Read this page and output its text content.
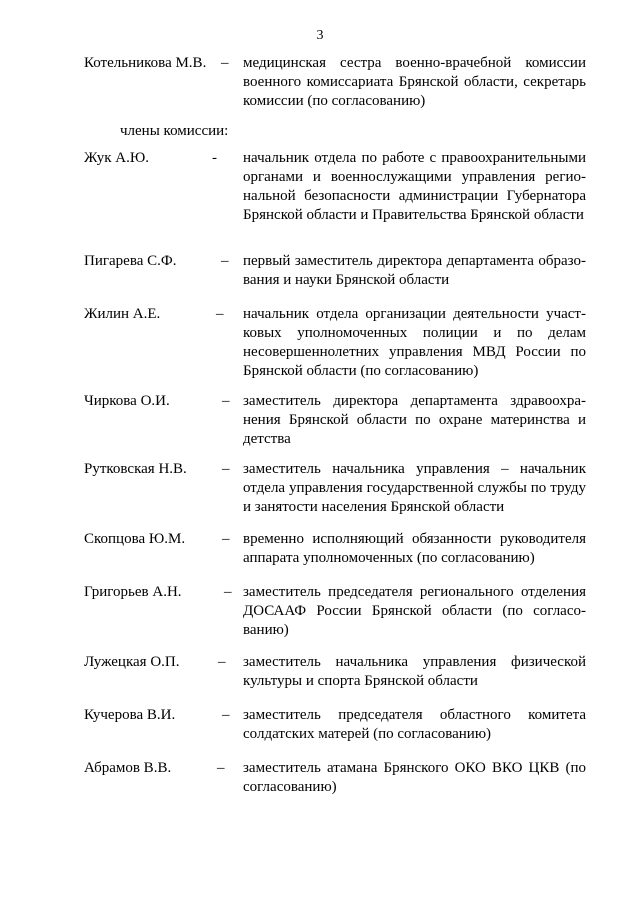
3
Котельникова М.В. – медицинская сестра военно-врачебной комиссии военного комиссариата Брянской области, секретарь комиссии (по согласованию)
члены комиссии:
Жук А.Ю.	- начальник отдела по работе с правоохранительными органами и военнослужащими управления регио-нальной безопасности администрации Губернатора Брянской области и Правительства Брянской области
Пигарева С.Ф.	– первый заместитель директора департамента образо-вания и науки Брянской области
Жилин А.Е.	– начальник отдела организации деятельности участ-ковых уполномоченных полиции и по делам несовершеннолетних управления МВД России по Брянской области (по согласованию)
Чиркова О.И.	– заместитель директора департамента здравоохра-нения Брянской области по охране материнства и детства
Рутковская Н.В. – заместитель начальника управления – начальник отдела управления государственной службы по труду и занятости населения Брянской области
Скопцова Ю.М. – временно исполняющий обязанности руководителя аппарата уполномоченных (по согласованию)
Григорьев А.Н.	– заместитель председателя регионального отделения ДОСААФ России Брянской области (по согласо-ванию)
Лужецкая О.П.	– заместитель начальника управления физической культуры и спорта Брянской области
Кучерова В.И.	– заместитель председателя областного комитета солдатских матерей (по согласованию)
Абрамов В.В.	– заместитель атамана Брянского ОКО ВКО ЦКВ (по согласованию)
